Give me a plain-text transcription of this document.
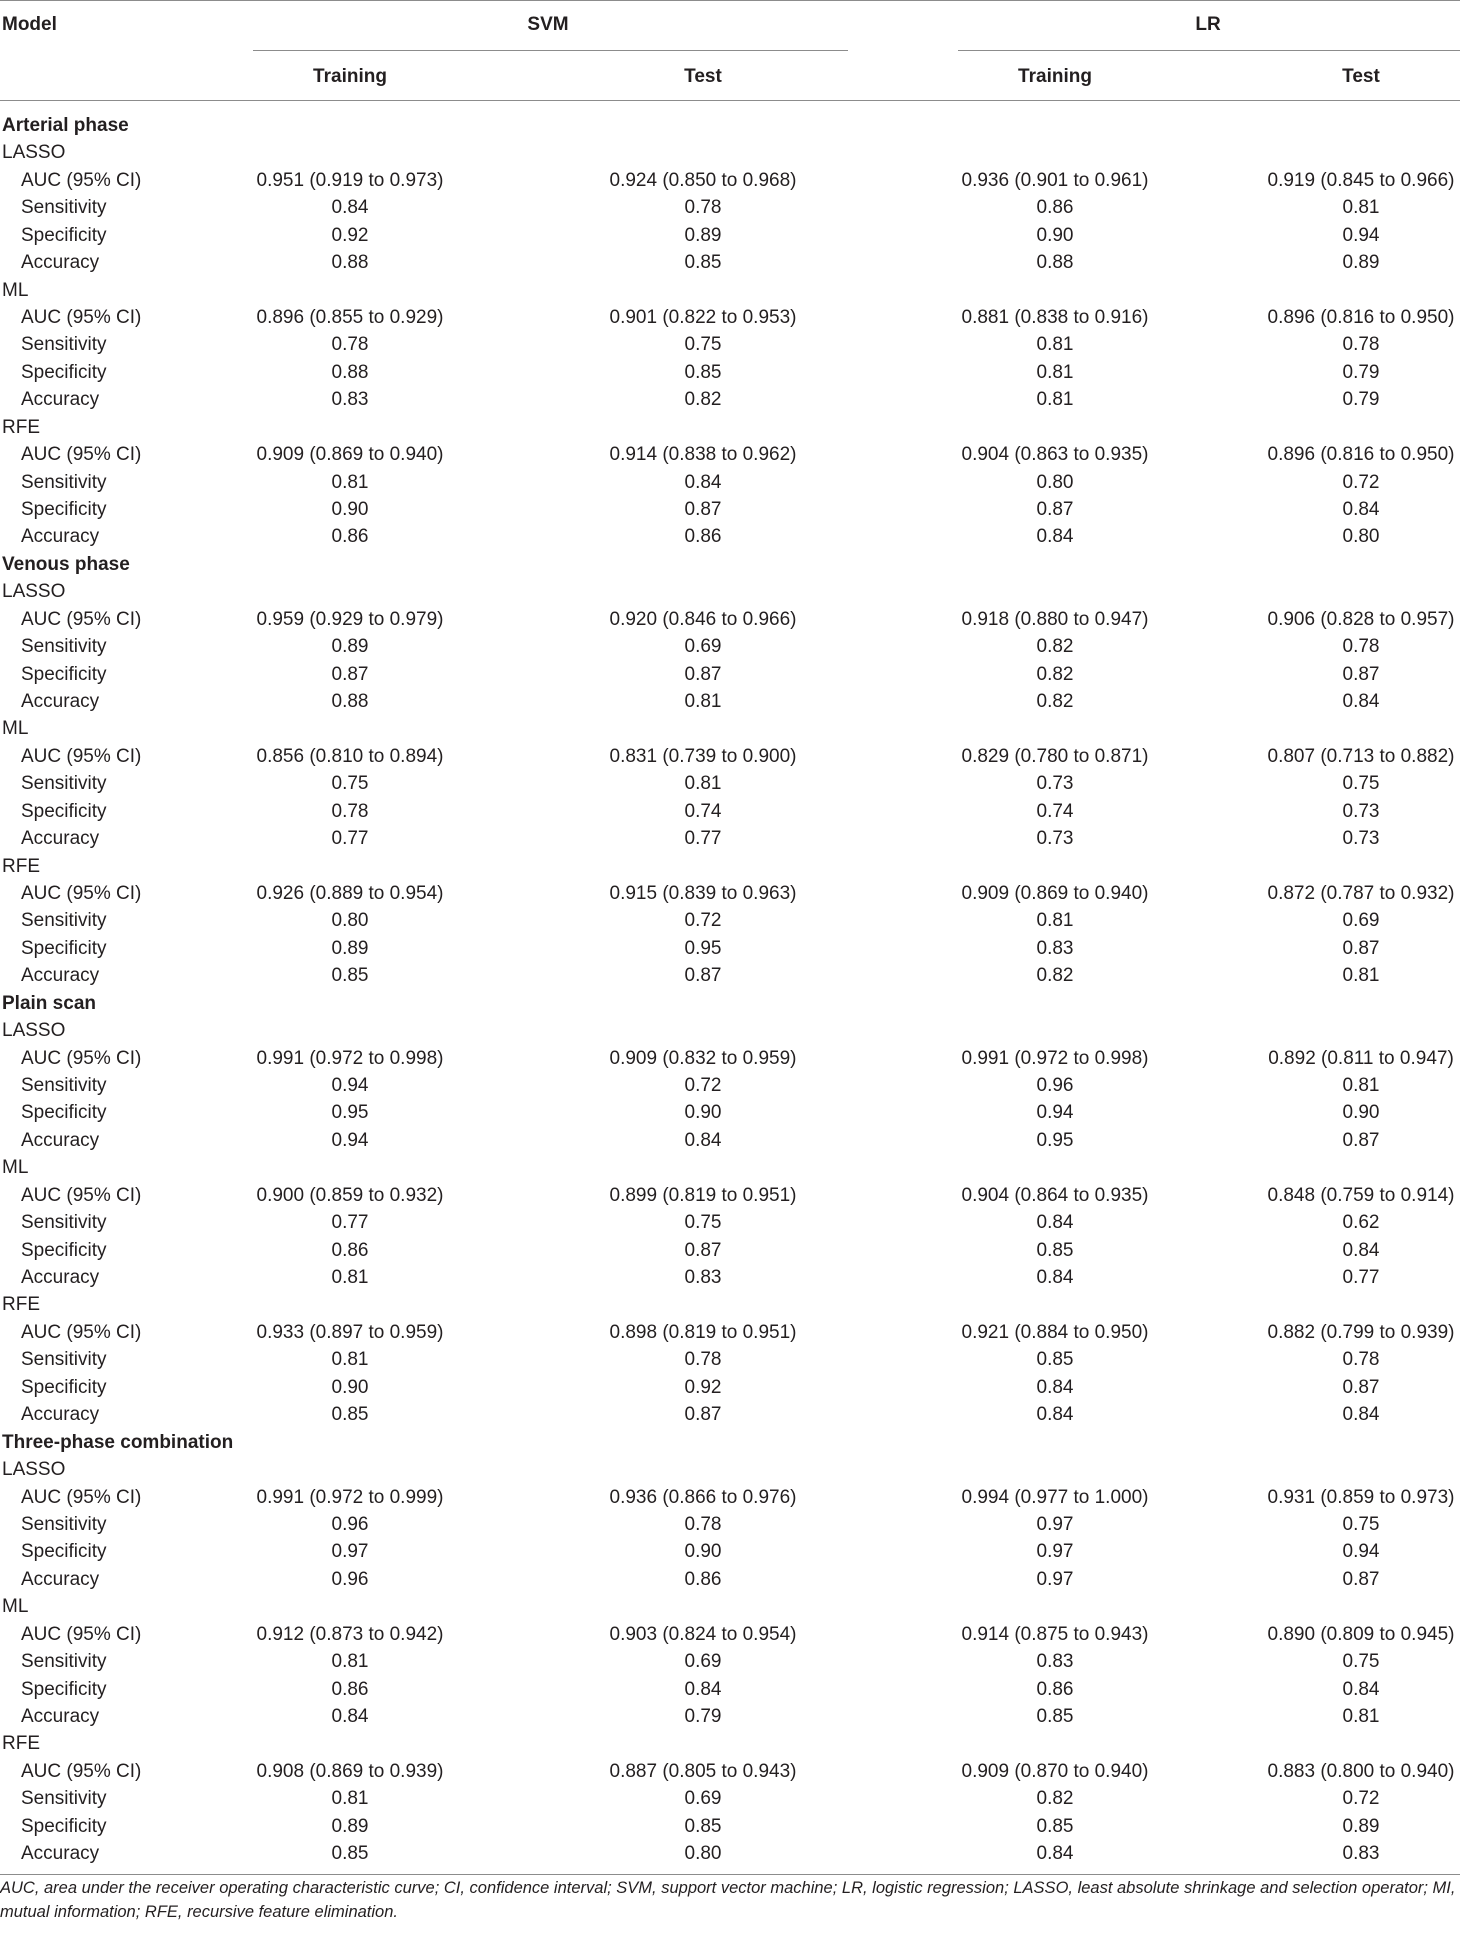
Model	SVM	LR
Training	Test	Training	Test
Arterial phase
LASSO
AUC (95% CI)	0.951 (0.919 to 0.973)	0.924 (0.850 to 0.968)	0.936 (0.901 to 0.961)	0.919 (0.845 to 0.966)
Sensitivity	0.84	0.78	0.86	0.81
Specificity	0.92	0.89	0.90	0.94
Accuracy	0.88	0.85	0.88	0.89
ML
AUC (95% CI)	0.896 (0.855 to 0.929)	0.901 (0.822 to 0.953)	0.881 (0.838 to 0.916)	0.896 (0.816 to 0.950)
Sensitivity	0.78	0.75	0.81	0.78
Specificity	0.88	0.85	0.81	0.79
Accuracy	0.83	0.82	0.81	0.79
RFE
AUC (95% CI)	0.909 (0.869 to 0.940)	0.914 (0.838 to 0.962)	0.904 (0.863 to 0.935)	0.896 (0.816 to 0.950)
Sensitivity	0.81	0.84	0.80	0.72
Specificity	0.90	0.87	0.87	0.84
Accuracy	0.86	0.86	0.84	0.80
Venous phase
LASSO
AUC (95% CI)	0.959 (0.929 to 0.979)	0.920 (0.846 to 0.966)	0.918 (0.880 to 0.947)	0.906 (0.828 to 0.957)
Sensitivity	0.89	0.69	0.82	0.78
Specificity	0.87	0.87	0.82	0.87
Accuracy	0.88	0.81	0.82	0.84
ML
AUC (95% CI)	0.856 (0.810 to 0.894)	0.831 (0.739 to 0.900)	0.829 (0.780 to 0.871)	0.807 (0.713 to 0.882)
Sensitivity	0.75	0.81	0.73	0.75
Specificity	0.78	0.74	0.74	0.73
Accuracy	0.77	0.77	0.73	0.73
RFE
AUC (95% CI)	0.926 (0.889 to 0.954)	0.915 (0.839 to 0.963)	0.909 (0.869 to 0.940)	0.872 (0.787 to 0.932)
Sensitivity	0.80	0.72	0.81	0.69
Specificity	0.89	0.95	0.83	0.87
Accuracy	0.85	0.87	0.82	0.81
Plain scan
LASSO
AUC (95% CI)	0.991 (0.972 to 0.998)	0.909 (0.832 to 0.959)	0.991 (0.972 to 0.998)	0.892 (0.811 to 0.947)
Sensitivity	0.94	0.72	0.96	0.81
Specificity	0.95	0.90	0.94	0.90
Accuracy	0.94	0.84	0.95	0.87
ML
AUC (95% CI)	0.900 (0.859 to 0.932)	0.899 (0.819 to 0.951)	0.904 (0.864 to 0.935)	0.848 (0.759 to 0.914)
Sensitivity	0.77	0.75	0.84	0.62
Specificity	0.86	0.87	0.85	0.84
Accuracy	0.81	0.83	0.84	0.77
RFE
AUC (95% CI)	0.933 (0.897 to 0.959)	0.898 (0.819 to 0.951)	0.921 (0.884 to 0.950)	0.882 (0.799 to 0.939)
Sensitivity	0.81	0.78	0.85	0.78
Specificity	0.90	0.92	0.84	0.87
Accuracy	0.85	0.87	0.84	0.84
Three-phase combination
LASSO
AUC (95% CI)	0.991 (0.972 to 0.999)	0.936 (0.866 to 0.976)	0.994 (0.977 to 1.000)	0.931 (0.859 to 0.973)
Sensitivity	0.96	0.78	0.97	0.75
Specificity	0.97	0.90	0.97	0.94
Accuracy	0.96	0.86	0.97	0.87
ML
AUC (95% CI)	0.912 (0.873 to 0.942)	0.903 (0.824 to 0.954)	0.914 (0.875 to 0.943)	0.890 (0.809 to 0.945)
Sensitivity	0.81	0.69	0.83	0.75
Specificity	0.86	0.84	0.86	0.84
Accuracy	0.84	0.79	0.85	0.81
RFE
AUC (95% CI)	0.908 (0.869 to 0.939)	0.887 (0.805 to 0.943)	0.909 (0.870 to 0.940)	0.883 (0.800 to 0.940)
Sensitivity	0.81	0.69	0.82	0.72
Specificity	0.89	0.85	0.85	0.89
Accuracy	0.85	0.80	0.84	0.83
AUC, area under the receiver operating characteristic curve; CI, confidence interval; SVM, support vector machine; LR, logistic regression; LASSO, least absolute shrinkage and selection operator; MI, mutual information; RFE, recursive feature elimination.
